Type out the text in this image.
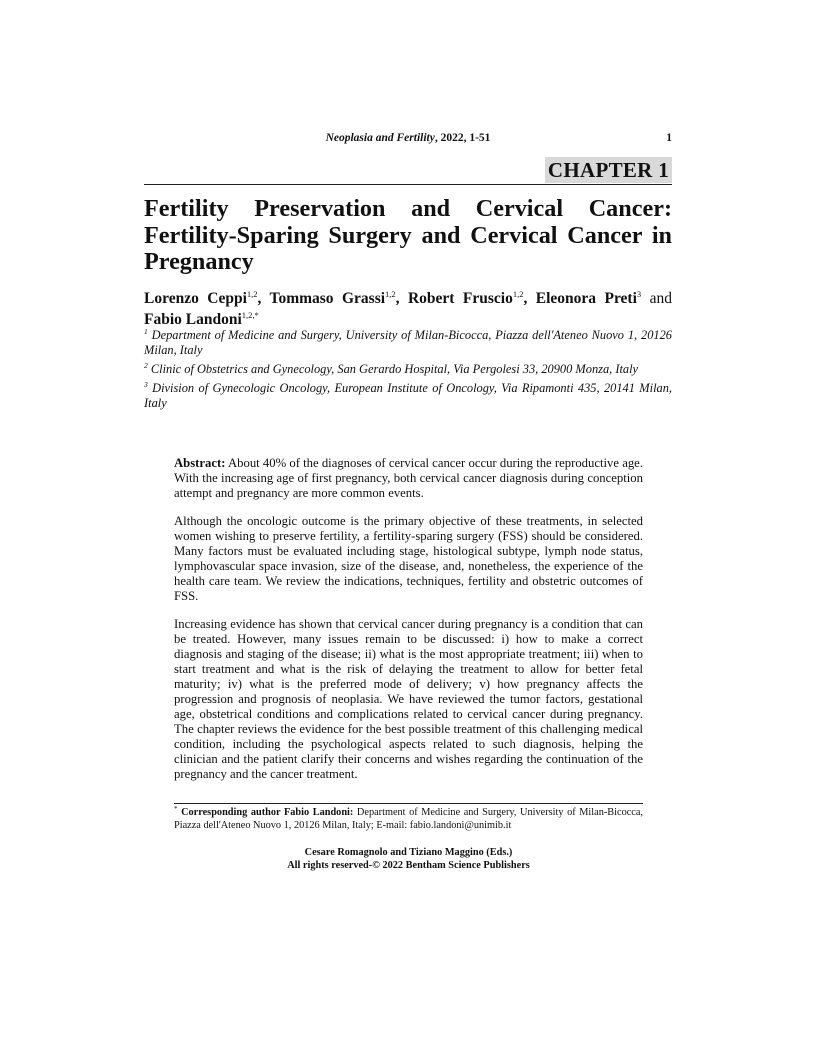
Neoplasia and Fertility, 2022, 1-51	1
CHAPTER 1
Fertility Preservation and Cervical Cancer: Fertility-Sparing Surgery and Cervical Cancer in Pregnancy

Lorenzo Ceppi$^{1,2}$, Tommaso Grassi$^{1,2}$, Robert Fruscio$^{1,2}$, Eleonora Preti$^3$ and Fabio Landoni$^{1,2,*}$

$^1$ Department of Medicine and Surgery, University of Milan-Bicocca, Piazza dell'Ateneo Nuovo 1, 20126 Milan, Italy

$^2$ Clinic of Obstetrics and Gynecology, San Gerardo Hospital, Via Pergolesi 33, 20900 Monza, Italy

$^3$ Division of Gynecologic Oncology, European Institute of Oncology, Via Ripamonti 435, 20141 Milan, Italy

Abstract: About 40% of the diagnoses of cervical cancer occur during the reproductive age. With the increasing age of first pregnancy, both cervical cancer diagnosis during conception attempt and pregnancy are more common events.

Although the oncologic outcome is the primary objective of these treatments, in selected women wishing to preserve fertility, a fertility-sparing surgery (FSS) should be considered. Many factors must be evaluated including stage, histological subtype, lymph node status, lymphovascular space invasion, size of the disease, and, nonetheless, the experience of the health care team. We review the indications, techniques, fertility and obstetric outcomes of FSS.

Increasing evidence has shown that cervical cancer during pregnancy is a condition that can be treated. However, many issues remain to be discussed: i) how to make a correct diagnosis and staging of the disease; ii) what is the most appropriate treatment; iii) when to start treatment and what is the risk of delaying the treatment to allow for better fetal maturity; iv) what is the preferred mode of delivery; v) how pregnancy affects the progression and prognosis of neoplasia. We have reviewed the tumor factors, gestational age, obstetrical conditions and complications related to cervical cancer during pregnancy. The chapter reviews the evidence for the best possible treatment of this challenging medical condition, including the psychological aspects related to such diagnosis, helping the clinician and the patient clarify their concerns and wishes regarding the continuation of the pregnancy and the cancer treatment.

* Corresponding author Fabio Landoni: Department of Medicine and Surgery, University of Milan-Bicocca, Piazza dell'Ateneo Nuovo 1, 20126 Milan, Italy; E-mail: fabio.landoni@unimib.it

Cesare Romagnolo and Tiziano Maggino (Eds.)
All rights reserved-© 2022 Bentham Science Publishers
